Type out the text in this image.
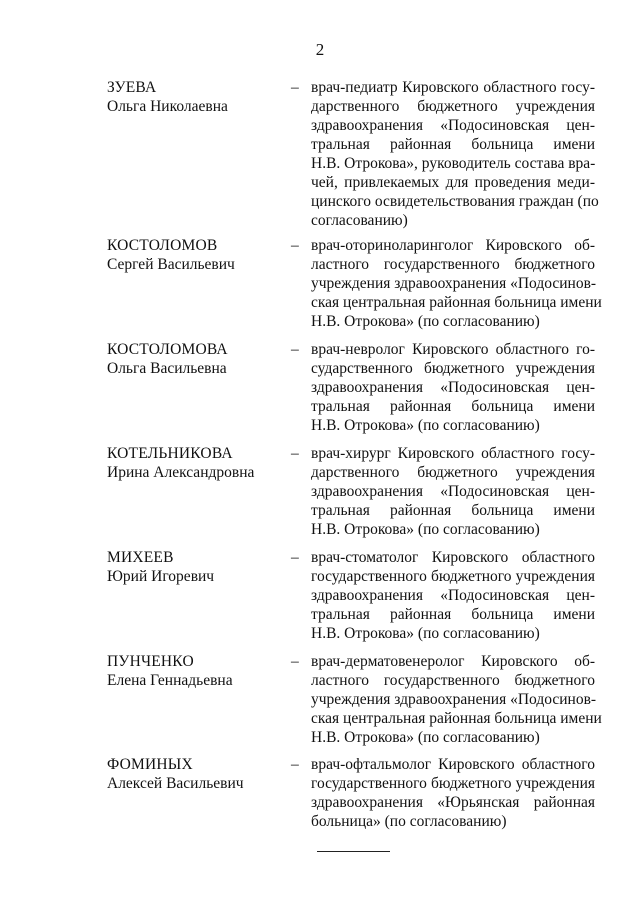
2
ЗУЕВА
Ольга Николаевна
– врач-педиатр Кировского областного госу-
дарственного бюджетного учреждения
здравоохранения «Подосиновская цен-
тральная районная больница имени
Н.В. Отрокова», руководитель состава вра-
чей, привлекаемых для проведения меди-
цинского освидетельствования граждан (по
согласованию)
КОСТОЛОМОВ
Сергей Васильевич
– врач-оториноларинголог Кировского об-
ластного государственного бюджетного
учреждения здравоохранения «Подосинов-
ская центральная районная больница имени
Н.В. Отрокова» (по согласованию)
КОСТОЛОМОВА
Ольга Васильевна
– врач-невролог Кировского областного го-
сударственного бюджетного учреждения
здравоохранения «Подосиновская цен-
тральная районная больница имени
Н.В. Отрокова» (по согласованию)
КОТЕЛЬНИКОВА
Ирина Александровна
– врач-хирург Кировского областного госу-
дарственного бюджетного учреждения
здравоохранения «Подосиновская цен-
тральная районная больница имени
Н.В. Отрокова» (по согласованию)
МИХЕЕВ
Юрий Игоревич
– врач-стоматолог Кировского областного
государственного бюджетного учреждения
здравоохранения «Подосиновская цен-
тральная районная больница имени
Н.В. Отрокова» (по согласованию)
ПУНЧЕНКО
Елена Геннадьевна
– врач-дерматовенеролог Кировского об-
ластного государственного бюджетного
учреждения здравоохранения «Подосинов-
ская центральная районная больница имени
Н.В. Отрокова» (по согласованию)
ФОМИНЫХ
Алексей Васильевич
– врач-офтальмолог Кировского областного
государственного бюджетного учреждения
здравоохранения «Юрьянская районная
больница» (по согласованию)
